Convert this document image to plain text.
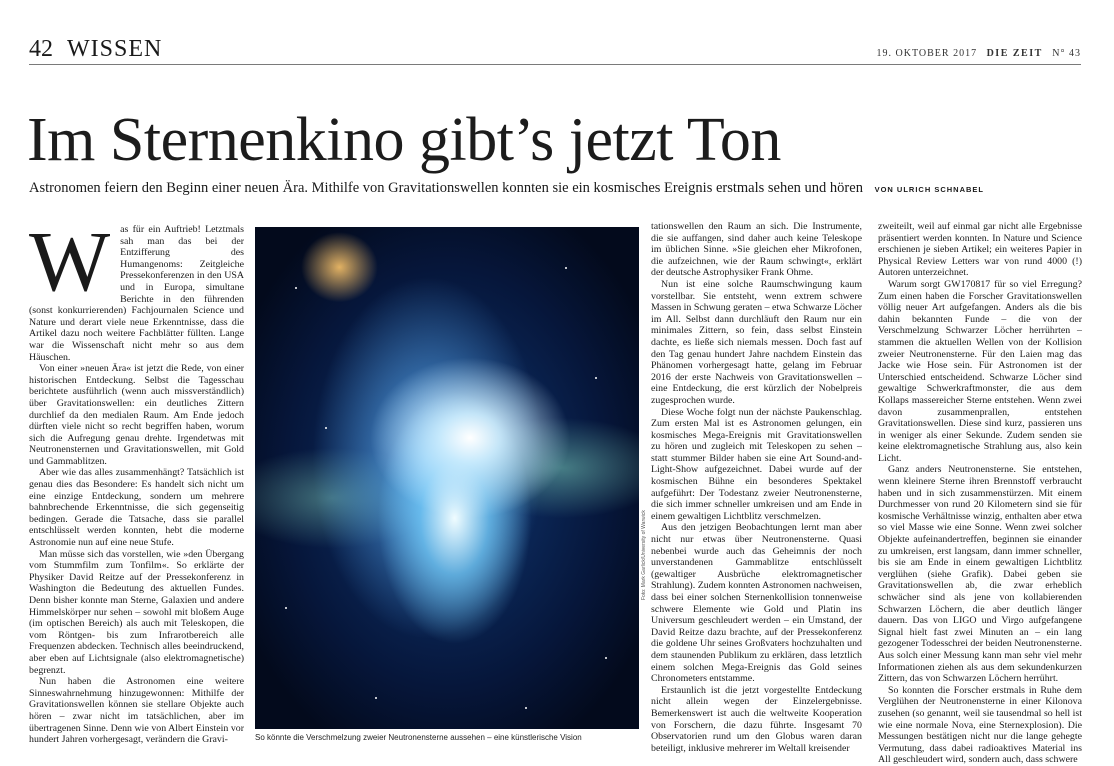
42 WISSEN	19. OKTOBER 2017 DIE ZEIT N° 43
Im Sternenkino gibt’s jetzt Ton
Astronomen feiern den Beginn einer neuen Ära. Mithilfe von Gravitationswellen konnten sie ein kosmisches Ereignis erstmals sehen und hören VON ULRICH SCHNABEL
W	as für ein Auftrieb! Letztmals sah man das bei der Entzifferung des Humangenoms: Zeitgleiche Pressekonferenzen in den USA und in Europa, simultane Berichte in den führenden (sonst konkurrierenden) Fachjournalen Science und Nature und derart viele neue Erkenntnisse, dass die Artikel dazu noch weitere Fachblätter füllten. Lange war die Wissenschaft nicht mehr so aus dem Häuschen.

Von einer »neuen Ära« ist jetzt die Rede, von einer historischen Entdeckung. Selbst die Tagesschau berichtete ausführlich (wenn auch missverständlich) über Gravitationswellen: ein deutliches Zittern durchlief da den medialen Raum. Am Ende jedoch dürften viele nicht so recht begriffen haben, worum sich die Aufregung genau drehte. Irgendetwas mit Neutronensternen und Gravitationswellen, mit Gold und Gammablitzen.

Aber wie das alles zusammenhängt? Tatsächlich ist genau dies das Besondere: Es handelt sich nicht um eine einzige Entdeckung, sondern um mehrere bahnbrechende Erkenntnisse, die sich gegenseitig bedingen. Gerade die Tatsache, dass sie parallel entschlüsselt werden konnten, hebt die moderne Astronomie nun auf eine neue Stufe.

Man müsse sich das vorstellen, wie »den Übergang vom Stummfilm zum Tonfilm«. So erklärte der Physiker David Reitze auf der Pressekonferenz in Washington die Bedeutung des aktuellen Fundes. Denn bisher konnte man Sterne, Galaxien und andere Himmelskörper nur sehen – sowohl mit bloßem Auge (im optischen Bereich) als auch mit Teleskopen, die vom Röntgen- bis zum Infrarotbereich alle Frequenzen abdecken. Technisch alles beeindruckend, aber eben auf Lichtsignale (also elektromagnetische) begrenzt.

Nun haben die Astronomen eine weitere Sinneswahrnehmung hinzugewonnen: Mithilfe der Gravitationswellen können sie stellare Objekte auch hören – zwar nicht im tatsächlichen, aber im übertragenen Sinne. Denn wie von Albert Einstein vor hundert Jahren vorhergesagt, verändern die Gravi-

Foto: Mark Garlick/University of Warwick
So könnte die Verschmelzung zweier Neutronensterne aussehen – eine künstlerische Vision

tationswellen den Raum an sich. Die Instrumente, die sie auffangen, sind daher auch keine Teleskope im üblichen Sinne. »Sie gleichen eher Mikrofonen, die aufzeichnen, wie der Raum schwingt«, erklärt der deutsche Astrophysiker Frank Ohme.

Nun ist eine solche Raumschwingung kaum vorstellbar. Sie entsteht, wenn extrem schwere Massen in Schwung geraten – etwa Schwarze Löcher im All. Selbst dann durchläuft den Raum nur ein minimales Zittern, so fein, dass selbst Einstein dachte, es ließe sich niemals messen. Doch fast auf den Tag genau hundert Jahre nachdem Einstein das Phänomen vorhergesagt hatte, gelang im Februar 2016 der erste Nachweis von Gravitationswellen – eine Entdeckung, die erst kürzlich der Nobelpreis zugesprochen wurde.

Diese Woche folgt nun der nächste Paukenschlag. Zum ersten Mal ist es Astronomen gelungen, ein kosmisches Mega-Ereignis mit Gravitationswellen zu hören und zugleich mit Teleskopen zu sehen – statt stummer Bilder haben sie eine Art Sound-and-Light-Show aufgezeichnet. Dabei wurde auf der kosmischen Bühne ein besonderes Spektakel aufgeführt: Der Todestanz zweier Neutronensterne, die sich immer schneller umkreisen und am Ende in einem gewaltigen Lichtblitz verschmelzen.

Aus den jetzigen Beobachtungen lernt man aber nicht nur etwas über Neutronensterne. Quasi nebenbei wurde auch das Geheimnis der noch unverstandenen Gammablitze entschlüsselt (gewaltiger Ausbrüche elektromagnetischer Strahlung). Zudem konnten Astronomen nachweisen, dass bei einer solchen Sternenkollision tonnenweise schwere Elemente wie Gold und Platin ins Universum geschleudert werden – ein Umstand, der David Reitze dazu brachte, auf der Pressekonferenz die goldene Uhr seines Großvaters hochzuhalten und dem staunenden Publikum zu erklären, dass letztlich einem solchen Mega-Ereignis das Gold seines Chronometers entstamme.

Erstaunlich ist die jetzt vorgestellte Entdeckung nicht allein wegen der Einzelergebnisse. Bemerkenswert ist auch die weltweite Kooperation von Forschern, die dazu führte. Insgesamt 70 Observatorien rund um den Globus waren daran beteiligt, inklusive mehrerer im Weltall kreisender

zweiteilt, weil auf einmal gar nicht alle Ergebnisse präsentiert werden konnten. In Nature und Science erschienen je sieben Artikel; ein weiteres Papier in Physical Review Letters war von rund 4000 (!) Autoren unterzeichnet.

Warum sorgt GW170817 für so viel Erregung? Zum einen haben die Forscher Gravitationswellen völlig neuer Art aufgefangen. Anders als die bis dahin bekannten Funde – die von der Verschmelzung Schwarzer Löcher herrührten – stammen die aktuellen Wellen von der Kollision zweier Neutronensterne. Für den Laien mag das Jacke wie Hose sein. Für Astronomen ist der Unterschied entscheidend. Schwarze Löcher sind gewaltige Schwerkraftmonster, die aus dem Kollaps massereicher Sterne entstehen. Wenn zwei davon zusammenprallen, entstehen Gravitationswellen. Diese sind kurz, passieren uns in weniger als einer Sekunde. Zudem senden sie keine elektromagnetische Strahlung aus, also kein Licht.

Ganz anders Neutronensterne. Sie entstehen, wenn kleinere Sterne ihren Brennstoff verbraucht haben und in sich zusammenstürzen. Mit einem Durchmesser von rund 20 Kilometern sind sie für kosmische Verhältnisse winzig, enthalten aber etwa so viel Masse wie eine Sonne. Wenn zwei solcher Objekte aufeinandertreffen, beginnen sie einander zu umkreisen, erst langsam, dann immer schneller, bis sie am Ende in einem gewaltigen Lichtblitz verglühen (siehe Grafik). Dabei geben sie Gravitationswellen ab, die zwar erheblich schwächer sind als jene von kollabierenden Schwarzen Löchern, die aber deutlich länger dauern. Das von LIGO und Virgo aufgefangene Signal hielt fast zwei Minuten an – ein lang gezogener Todesschrei der beiden Neutronensterne. Aus solch einer Messung kann man sehr viel mehr Informationen ziehen als aus dem sekundenkurzen Zittern, das von Schwarzen Löchern herrührt.

So konnten die Forscher erstmals in Ruhe dem Verglühen der Neutronensterne in einer Kilonova zusehen (so genannt, weil sie tausendmal so hell ist wie eine normale Nova, eine Sternexplosion). Die Messungen bestätigen nicht nur die lange gehegte Vermutung, dass dabei radioaktives Material ins All geschleudert wird, sondern auch, dass schwere
